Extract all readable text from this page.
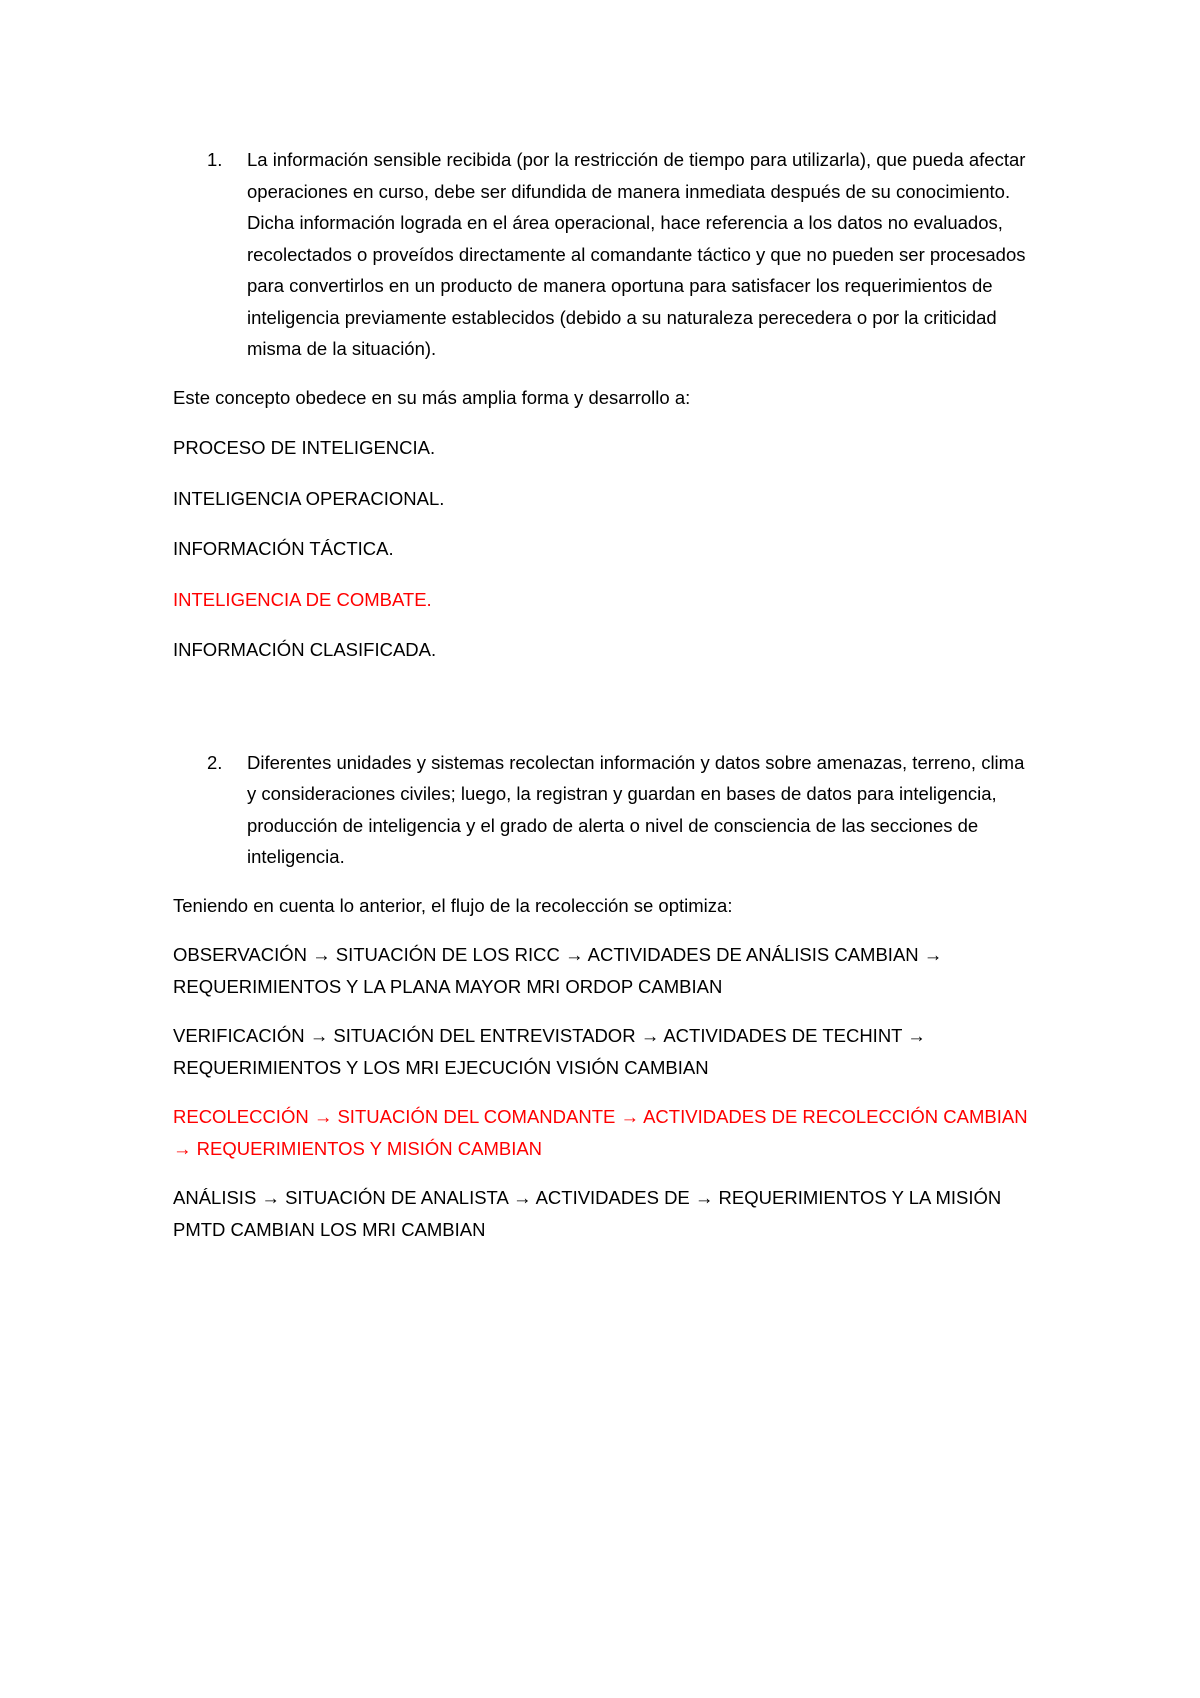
1.	La información sensible recibida (por la restricción de tiempo para utilizarla), que pueda afectar operaciones en curso, debe ser difundida de manera inmediata después de su conocimiento. Dicha información lograda en el área operacional, hace referencia a los datos no evaluados, recolectados o proveídos directamente al comandante táctico y que no pueden ser procesados para convertirlos en un producto de manera oportuna para satisfacer los requerimientos de inteligencia previamente establecidos (debido a su naturaleza perecedera o por la criticidad misma de la situación).

Este concepto obedece en su más amplia forma y desarrollo a:

PROCESO DE INTELIGENCIA.

INTELIGENCIA OPERACIONAL.

INFORMACIÓN TÁCTICA.

INTELIGENCIA DE COMBATE.

INFORMACIÓN CLASIFICADA.

2.	Diferentes unidades y sistemas recolectan información y datos sobre amenazas, terreno, clima y consideraciones civiles; luego, la registran y guardan en bases de datos para inteligencia, producción de inteligencia y el grado de alerta o nivel de consciencia de las secciones de inteligencia.

Teniendo en cuenta lo anterior, el flujo de la recolección se optimiza:

OBSERVACIÓN → SITUACIÓN DE LOS RICC → ACTIVIDADES DE ANÁLISIS CAMBIAN → REQUERIMIENTOS Y LA PLANA MAYOR MRI ORDOP CAMBIAN

VERIFICACIÓN → SITUACIÓN DEL ENTREVISTADOR → ACTIVIDADES DE TECHINT → REQUERIMIENTOS Y LOS MRI EJECUCIÓN VISIÓN CAMBIAN

RECOLECCIÓN → SITUACIÓN DEL COMANDANTE → ACTIVIDADES DE RECOLECCIÓN CAMBIAN → REQUERIMIENTOS Y MISIÓN CAMBIAN

ANÁLISIS → SITUACIÓN DE ANALISTA → ACTIVIDADES DE → REQUERIMIENTOS Y LA MISIÓN PMTD CAMBIAN LOS MRI CAMBIAN
